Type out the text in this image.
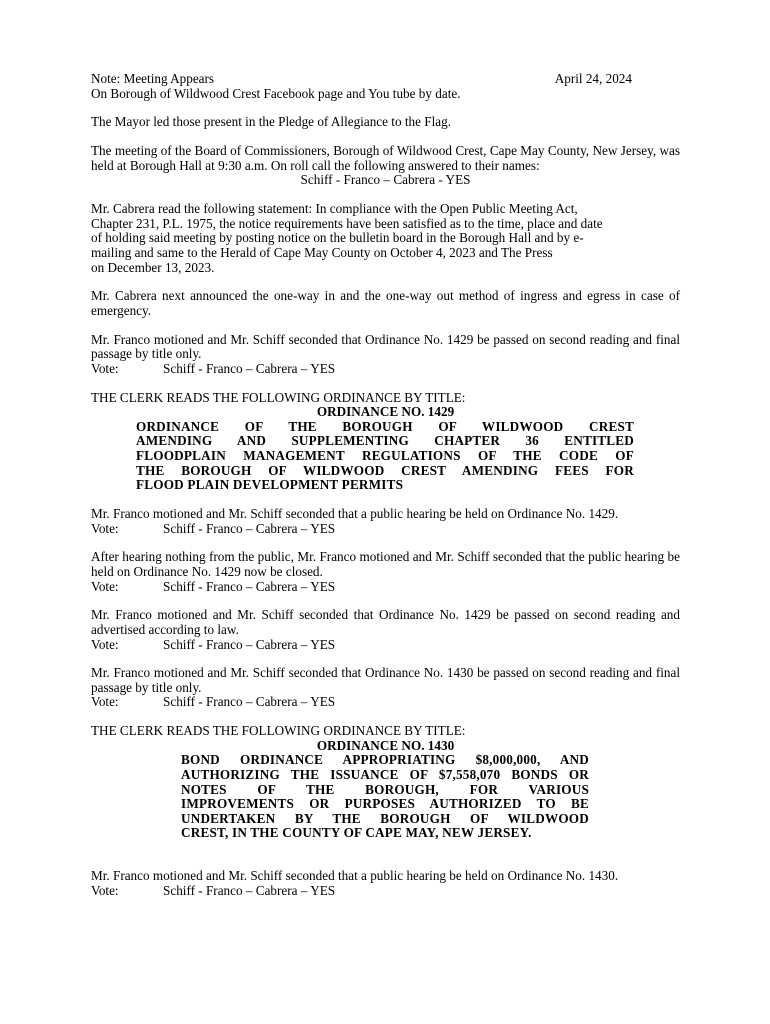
Note: Meeting Appears	April 24, 2024

On Borough of Wildwood Crest Facebook page and You tube by date.

The Mayor led those present in the Pledge of Allegiance to the Flag.

The meeting of the Board of Commissioners, Borough of Wildwood Crest, Cape May County, New Jersey, was held at Borough Hall at 9:30 a.m. On roll call the following answered to their names:

Schiff - Franco – Cabrera - YES

Mr. Cabrera read the following statement: In compliance with the Open Public Meeting Act,
Chapter 231, P.L. 1975, the notice requirements have been satisfied as to the time, place and date
of holding said meeting by posting notice on the bulletin board in the Borough Hall and by e-
mailing and same to the Herald of Cape May County on October 4, 2023 and The Press
on December 13, 2023.

Mr. Cabrera next announced the one-way in and the one-way out method of ingress and egress in case of emergency.

Mr. Franco motioned and Mr. Schiff seconded that Ordinance No. 1429 be passed on second reading and final passage by title only.

Vote:	Schiff - Franco – Cabrera – YES

THE CLERK READS THE FOLLOWING ORDINANCE BY TITLE:

ORDINANCE NO. 1429
ORDINANCE OF THE BOROUGH OF WILDWOOD CREST
AMENDING AND SUPPLEMENTING CHAPTER 36 ENTITLED
FLOODPLAIN MANAGEMENT REGULATIONS OF THE CODE OF
THE BOROUGH OF WILDWOOD CREST AMENDING FEES FOR
FLOOD PLAIN DEVELOPMENT PERMITS

Mr. Franco motioned and Mr. Schiff seconded that a public hearing be held on Ordinance No. 1429.

Vote:	Schiff - Franco – Cabrera – YES

After hearing nothing from the public, Mr. Franco motioned and Mr. Schiff seconded that the public hearing be held on Ordinance No. 1429 now be closed.

Vote:	Schiff - Franco – Cabrera – YES

Mr. Franco motioned and Mr. Schiff seconded that Ordinance No. 1429 be passed on second reading and advertised according to law.

Vote:	Schiff - Franco – Cabrera – YES

Mr. Franco motioned and Mr. Schiff seconded that Ordinance No. 1430 be passed on second reading and final passage by title only.

Vote:	Schiff - Franco – Cabrera – YES

THE CLERK READS THE FOLLOWING ORDINANCE BY TITLE:

ORDINANCE NO. 1430
BOND ORDINANCE APPROPRIATING $8,000,000, AND
AUTHORIZING THE ISSUANCE OF $7,558,070 BONDS OR
NOTES OF THE BOROUGH, FOR VARIOUS
IMPROVEMENTS OR PURPOSES AUTHORIZED TO BE
UNDERTAKEN BY THE BOROUGH OF WILDWOOD
CREST, IN THE COUNTY OF CAPE MAY, NEW JERSEY.

Mr. Franco motioned and Mr. Schiff seconded that a public hearing be held on Ordinance No. 1430.

Vote:	Schiff - Franco – Cabrera – YES
